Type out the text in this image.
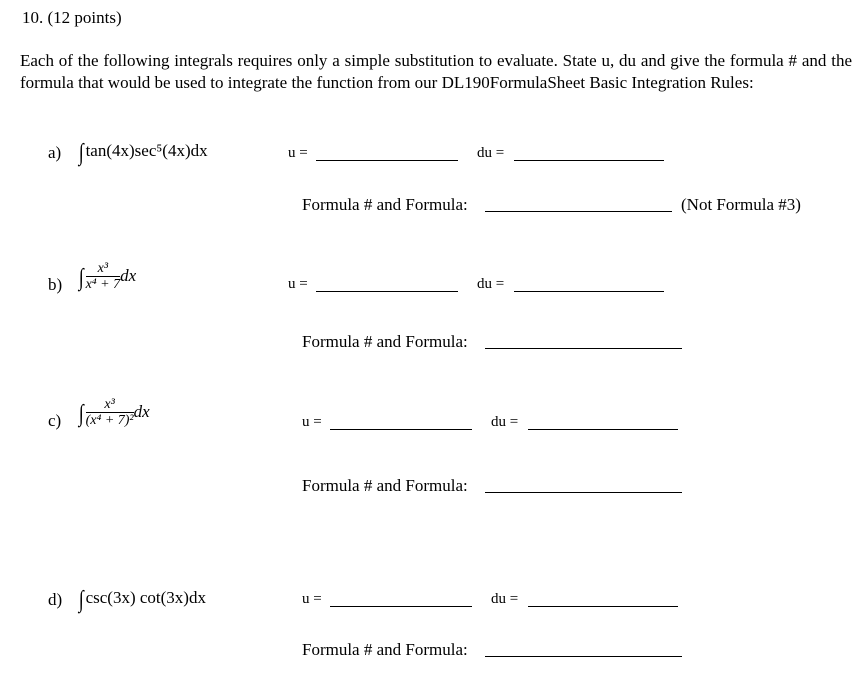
10. (12 points)
Each of the following integrals requires only a simple substitution to evaluate. State u, du and give the formula # and the formula that would be used to integrate the function from our DL190FormulaSheet Basic Integration Rules:
a) ∫ tan(4x)sec⁵(4x)dx	u =	du =
Formula # and Formula:	(Not Formula #3)
b) ∫ $\frac{\text{x³}}{\text{x⁴ + 7}}$ dx	u =	du =
Formula # and Formula:
c) ∫ $\frac{\text{x³}}{\text{(x⁴ + 7)²}}$ dx
u =	du =
Formula # and Formula:
d) ∫ csc(3x) cot(3x)dx	u =	du =
Formula # and Formula:
